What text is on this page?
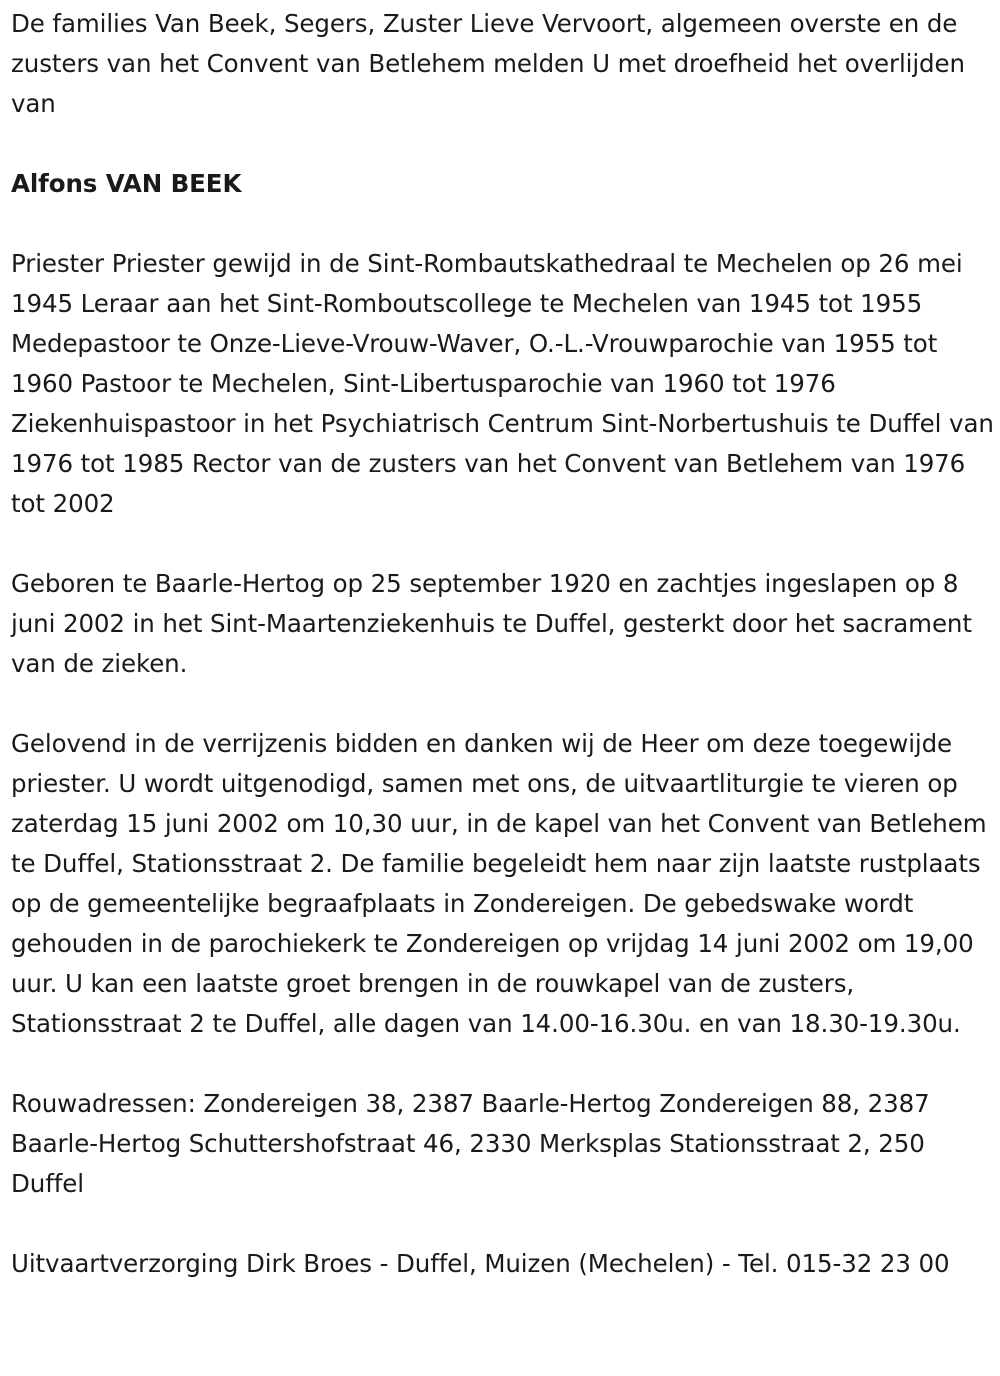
De families Van Beek, Segers, Zuster Lieve Vervoort, algemeen overste en de zusters van het Convent van Betlehem melden U met droefheid het overlijden van

Alfons VAN BEEK

Priester Priester gewijd in de Sint-Rombautskathedraal te Mechelen op 26 mei 1945 Leraar aan het Sint-Romboutscollege te Mechelen van 1945 tot 1955 Medepastoor te Onze-Lieve-Vrouw-Waver, O.-L.-Vrouwparochie van 1955 tot 1960 Pastoor te Mechelen, Sint-Libertusparochie van 1960 tot 1976 Ziekenhuispastoor in het Psychiatrisch Centrum Sint-Norbertushuis te Duffel van 1976 tot 1985 Rector van de zusters van het Convent van Betlehem van 1976 tot 2002

Geboren te Baarle-Hertog op 25 september 1920 en zachtjes ingeslapen op 8 juni 2002 in het Sint-Maartenziekenhuis te Duffel, gesterkt door het sacrament van de zieken.

Gelovend in de verrijzenis bidden en danken wij de Heer om deze toegewijde priester. U wordt uitgenodigd, samen met ons, de uitvaartliturgie te vieren op zaterdag 15 juni 2002 om 10,30 uur, in de kapel van het Convent van Betlehem te Duffel, Stationsstraat 2. De familie begeleidt hem naar zijn laatste rustplaats op de gemeentelijke begraafplaats in Zondereigen. De gebedswake wordt gehouden in de parochiekerk te Zondereigen op vrijdag 14 juni 2002 om 19,00 uur. U kan een laatste groet brengen in de rouwkapel van de zusters, Stationsstraat 2 te Duffel, alle dagen van 14.00-16.30u. en van 18.30-19.30u.

Rouwadressen: Zondereigen 38, 2387 Baarle-Hertog Zondereigen 88, 2387 Baarle-Hertog Schuttershofstraat 46, 2330 Merksplas Stationsstraat 2, 250 Duffel

Uitvaartverzorging Dirk Broes - Duffel, Muizen (Mechelen) - Tel. 015-32 23 00
